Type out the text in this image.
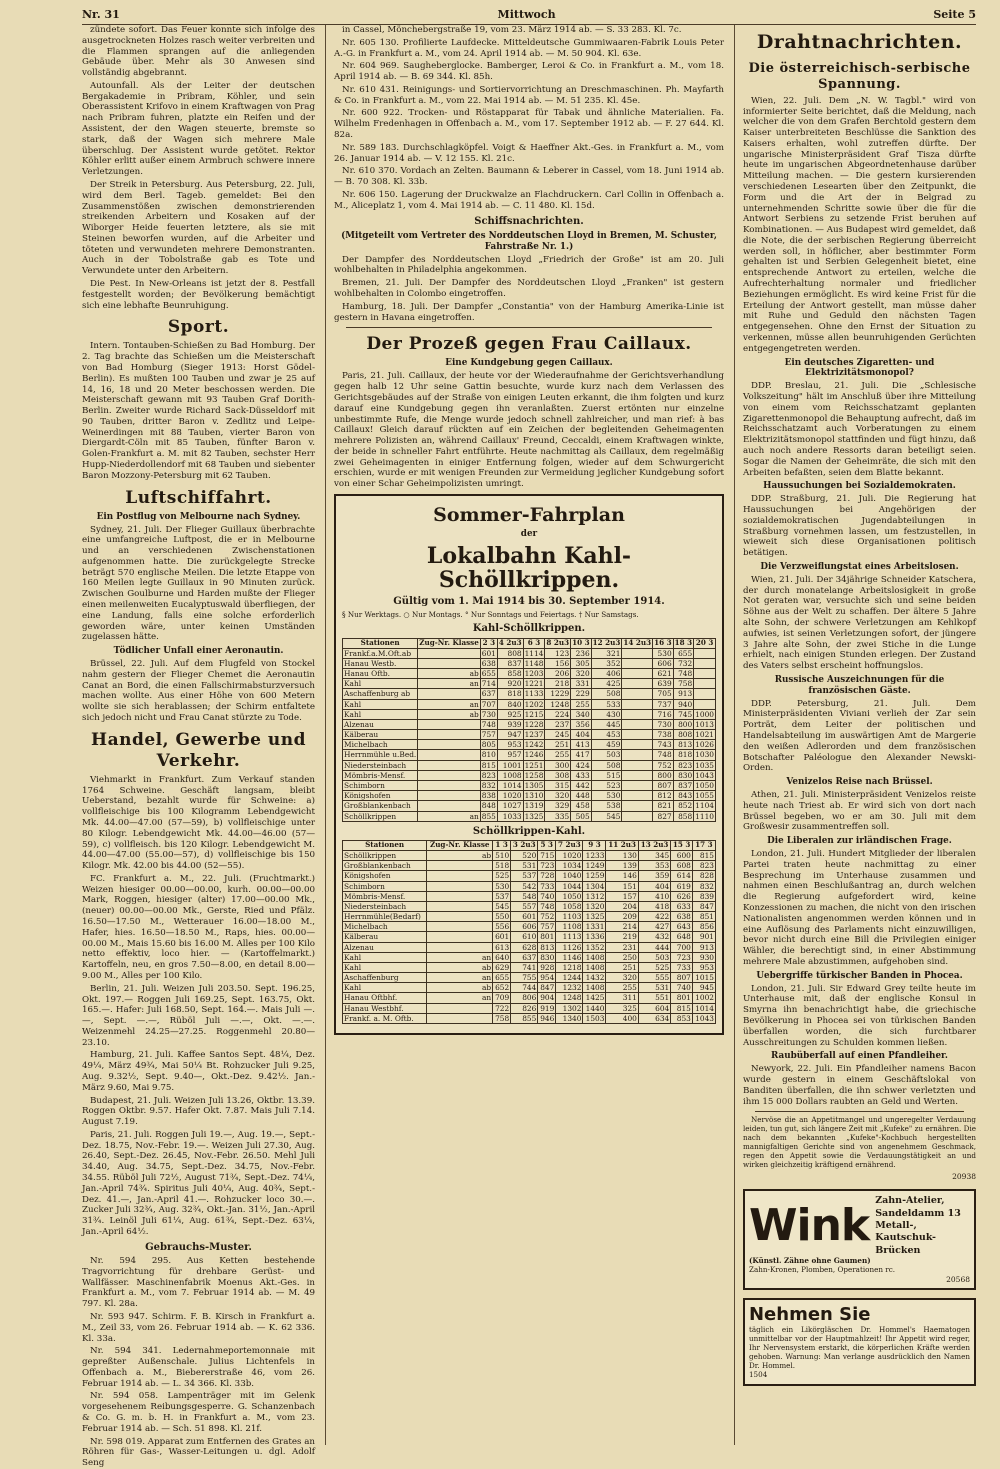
Nr. 31	Mittwoch	Seite 5

zündete sofort. Das Feuer konnte sich infolge des ausgetrockneten Holzes rasch weiter verbreiten und die Flammen sprangen auf die anliegenden Gebäude über. Mehr als 30 Anwesen sind vollständig abgebrannt.

Autounfall. Als der Leiter der deutschen Bergakademie in Pribram, Köhler, und sein Oberassistent Krifovo in einem Kraftwagen von Prag nach Pribram fuhren, platzte ein Reifen und der Assistent, der den Wagen steuerte, bremste so stark, daß der Wagen sich mehrere Male überschlug. Der Assistent wurde getötet. Rektor Köhler erlitt außer einem Armbruch schwere innere Verletzungen.

Der Streik in Petersburg. Aus Petersburg, 22. Juli, wird dem Berl. Tageb. gemeldet: Bei den Zusammenstößen zwischen demonstrierenden streikenden Arbeitern und Kosaken auf der Wiborger Heide feuerten letztere, als sie mit Steinen beworfen wurden, auf die Arbeiter und töteten und verwundeten mehrere Demonstranten. Auch in der Tobolstraße gab es Tote und Verwundete unter den Arbeitern.

Die Pest. In New-Orleans ist jetzt der 8. Pestfall festgestellt worden; der Bevölkerung bemächtigt sich eine lebhafte Beunruhigung.

Sport.

Intern. Tontauben-Schießen zu Bad Homburg. Der 2. Tag brachte das Schießen um die Meisterschaft von Bad Homburg (Sieger 1913: Horst Gödel-Berlin). Es mußten 100 Tauben und zwar je 25 auf 14, 16, 18 und 20 Meter beschossen werden. Die Meisterschaft gewann mit 93 Tauben Graf Dorith-Berlin. Zweiter wurde Richard Sack-Düsseldorf mit 90 Tauben, dritter Baron v. Zedlitz und Leipe-Weinerdingen mit 88 Tauben, vierter Baron von Diergardt-Cöln mit 85 Tauben, fünfter Baron v. Golen-Frankfurt a. M. mit 82 Tauben, sechster Herr Hupp-Niederdollendorf mit 68 Tauben und siebenter Baron Mozzony-Petersburg mit 62 Tauben.

Luftschiffahrt.
Ein Postflug von Melbourne nach Sydney.

Sydney, 21. Juli. Der Flieger Guillaux überbrachte eine umfangreiche Luftpost, die er in Melbourne und an verschiedenen Zwischenstationen aufgenommen hatte. Die zurückgelegte Strecke beträgt 570 englische Meilen. Die letzte Etappe von 160 Meilen legte Guillaux in 90 Minuten zurück. Zwischen Goulburne und Harden mußte der Flieger einen meilenweiten Eucalyptuswald überfliegen, der eine Landung, falls eine solche erforderlich geworden wäre, unter keinen Umständen zugelassen hätte.

Tödlicher Unfall einer Aeronautin.

Brüssel, 22. Juli. Auf dem Flugfeld von Stockel nahm gestern der Flieger Chemet die Aeronautin Canat an Bord, die einen Fallschirmabsturzversuch machen wollte. Aus einer Höhe von 600 Metern wollte sie sich herablassen; der Schirm entfaltete sich jedoch nicht und Frau Canat stürzte zu Tode.

Handel, Gewerbe und Verkehr.

Viehmarkt in Frankfurt. Zum Verkauf standen 1764 Schweine. Geschäft langsam, bleibt Ueberstand, bezahlt wurde für Schweine: a) vollfleischige bis 100 Kilogramm Lebendgewicht Mk. 44.00—47.00 (57—59), b) vollfleischige unter 80 Kilogr. Lebendgewicht Mk. 44.00—46.00 (57—59), c) vollfleisch. bis 120 Kilogr. Lebendgewicht M. 44.00—47.00 (55.00—57), d) vollfleischige bis 150 Kilogr. Mk. 42.00 bis 44.00 (52—55).

FC. Frankfurt a. M., 22. Juli. (Fruchtmarkt.) Weizen hiesiger 00.00—00.00, kurh. 00.00—00.00 Mark, Roggen, hiesiger (alter) 17.00—00.00 Mk., (neuer) 00.00—00.00 Mk., Gerste, Ried und Pfälz. 16.50—17.50 M., Wetterauer 16.00—18.00 M., Hafer, hies. 16.50—18.50 M., Raps, hies. 00.00—00.00 M., Mais 15.60 bis 16.00 M. Alles per 100 Kilo netto effektiv, loco hier. — (Kartoffelmarkt.) Kartoffeln, neu, en gros 7.50—8.00, en detail 8.00—9.00 M., Alles per 100 Kilo.

Berlin, 21. Juli. Weizen Juli 203.50. Sept. 196.25, Okt. 197.— Roggen Juli 169.25, Sept. 163.75, Okt. 165.—. Hafer: Juli 168.50, Sept. 164.—. Mais Juli —.—, Sept. —.—, Rüböl Juli —.—, Okt. —.—. Weizenmehl 24.25—27.25. Roggenmehl 20.80—23.10.

Hamburg, 21. Juli. Kaffee Santos Sept. 48¼, Dez. 49¼, März 49¾, Mai 50¼ Bt. Rohzucker Juli 9.25, Aug. 9.32½, Sept. 9.40—, Okt.-Dez. 9.42½. Jan.-März 9.60, Mai 9.75.

Budapest, 21. Juli. Weizen Juli 13.26, Oktbr. 13.39. Roggen Oktbr. 9.57. Hafer Okt. 7.87. Mais Juli 7.14. August 7.19.

Paris, 21. Juli. Roggen Juli 19.—, Aug. 19.—, Sept.-Dez. 18.75, Nov.-Febr. 19.—. Weizen Juli 27.30, Aug. 26.40, Sept.-Dez. 26.45, Nov.-Febr. 26.50. Mehl Juli 34.40, Aug. 34.75, Sept.-Dez. 34.75, Nov.-Febr. 34.55. Rüböl Juli 72½, August 71¾, Sept.-Dez. 74¼, Jan.-April 74¾. Spiritus Juli 40¼, Aug. 40¾, Sept.-Dez. 41.—, Jan.-April 41.—. Rohzucker loco 30.—. Zucker Juli 32¾, Aug. 32¾, Okt.-Jan. 31½, Jan.-April 31¾. Leinöl Juli 61¼, Aug. 61¾, Sept.-Dez. 63¼, Jan.-April 64½.

Gebrauchs-Muster.

Nr. 594 295. Aus Ketten bestehende Tragvorrichtung für drehbare Gerüst- und Wallfässer. Maschinenfabrik Moenus Akt.-Ges. in Frankfurt a. M., vom 7. Februar 1914 ab. — M. 49 797. Kl. 28a.

Nr. 593 947. Schirm. F. B. Kirsch in Frankfurt a. M., Zeil 33, vom 26. Februar 1914 ab. — K. 62 336. Kl. 33a.

Nr. 594 341. Ledernahmeportemonnaie mit gepreßter Außenschale. Julius Lichtenfels in Offenbach a. M., Biebererstraße 46, vom 26. Februar 1914 ab. — L. 34 366. Kl. 33b.

Nr. 594 058. Lampenträger mit im Gelenk vorgesehenem Reibungsgesperre. G. Schanzenbach & Co. G. m. b. H. in Frankfurt a. M., vom 23. Februar 1914 ab. — Sch. 51 898. Kl. 21f.

Nr. 598 019. Apparat zum Entfernen des Grates an Röhren für Gas-, Wasser-Leitungen u. dgl. Adolf Seng

in Cassel, Mönchebergstraße 19, vom 23. März 1914 ab. — S. 33 283. Kl. 7c.

Nr. 605 130. Profilierte Laufdecke. Mitteldeutsche Gummiwaaren-Fabrik Louis Peter A.-G. in Frankfurt a. M., vom 24. April 1914 ab. — M. 50 904. Kl. 63e.

Nr. 604 969. Saugheberglocke. Bamberger, Leroi & Co. in Frankfurt a. M., vom 18. April 1914 ab. — B. 69 344. Kl. 85h.

Nr. 610 431. Reinigungs- und Sortiervorrichtung an Dreschmaschinen. Ph. Mayfarth & Co. in Frankfurt a. M., vom 22. Mai 1914 ab. — M. 51 235. Kl. 45e.

Nr. 600 922. Trocken- und Röstapparat für Tabak und ähnliche Materialien. Fa. Wilhelm Fredenhagen in Offenbach a. M., vom 17. September 1912 ab. — F. 27 644. Kl. 82a.

Nr. 589 183. Durchschlagköpfel. Voigt & Haeffner Akt.-Ges. in Frankfurt a. M., vom 26. Januar 1914 ab. — V. 12 155. Kl. 21c.

Nr. 610 370. Vordach an Zelten. Baumann & Leberer in Cassel, vom 18. Juni 1914 ab. — B. 70 308. Kl. 33b.

Nr. 606 150. Lagerung der Druckwalze an Flachdruckern. Carl Collin in Offenbach a. M., Aliceplatz 1, vom 4. Mai 1914 ab. — C. 11 480. Kl. 15d.

Schiffsnachrichten.
(Mitgeteilt vom Vertreter des Norddeutschen Lloyd in Bremen, M. Schuster, Fahrstraße Nr. 1.)

Der Dampfer des Norddeutschen Lloyd „Friedrich der Große" ist am 20. Juli wohlbehalten in Philadelphia angekommen.

Bremen, 21. Juli. Der Dampfer des Norddeutschen Lloyd „Franken" ist gestern wohlbehalten in Colombo eingetroffen.

Hamburg, 18. Juli. Der Dampfer „Constantia" von der Hamburg Amerika-Linie ist gestern in Havana eingetroffen.

Der Prozeß gegen Frau Caillaux.
Eine Kundgebung gegen Caillaux.

Paris, 21. Juli. Caillaux, der heute vor der Wiederaufnahme der Gerichtsverhandlung gegen halb 12 Uhr seine Gattin besuchte, wurde kurz nach dem Verlassen des Gerichtsgebäudes auf der Straße von einigen Leuten erkannt, die ihm folgten und kurz darauf eine Kundgebung gegen ihn veranlaßten. Zuerst ertönten nur einzelne unbestimmte Rufe, die Menge wurde jedoch schnell zahlreicher, und man rief: à bas Caillaux! Gleich darauf rückten auf ein Zeichen der begleitenden Geheimagenten mehrere Polizisten an, während Caillaux' Freund, Ceccaldi, einem Kraftwagen winkte, der beide in schneller Fahrt entführte. Heute nachmittag als Caillaux, dem regelmäßig zwei Geheimagenten in einiger Entfernung folgen, wieder auf dem Schwurgericht erschien, wurde er mit wenigen Freunden zur Vermeidung jeglicher Kundgebung sofort von einer Schar Geheimpolizisten umringt.

Sommer-Fahrplan
der
Lokalbahn Kahl-Schöllkrippen.
Gültig vom 1. Mai 1914 bis 30. September 1914.
§ Nur Werktags. ○ Nur Montags. ° Nur Sonntags und Feiertags. † Nur Samstags.
Kahl-Schöllkrippen.
Stationen	Zug-Nr. Klasse	2 3	4 2u3	6 3	8 2u3	10 3	12 2u3	14 2u3	16 3	18 3	20 3
Frankf.a.M.Oft.ab		601	808	1114	123	236	321		530	655	
Hanau Westb.		638	837	1148	156	305	352		606	732	
Hanau Oftb.	ab	655	858	1203	206	320	406		621	748	
Kahl	an	714	920	1221	218	331	425		639	758	
Aschaffenburg ab		637	818	1133	1229	229	508		705	913	
Kahl	an	707	840	1202	1248	255	533		737	940	
Kahl	ab	730	925	1215	224	340	430		716	745	1000
Alzenau		748	939	1228	237	356	445		730	800	1013
Kälberau		757	947	1237	245	404	453		738	808	1021
Michelbach		805	953	1242	251	413	459		743	813	1026
Herrnmühle u.Bed.		810	957	1246	255	417	503		748	818	1030
Niedersteinbach		815	1001	1251	300	424	508		752	823	1035
Mömbris-Mensf.		823	1008	1258	308	433	515		800	830	1043
Schimborn		832	1014	1305	315	442	523		807	837	1050
Königshofen		838	1020	1310	320	448	530		812	843	1055
Großblankenbach		848	1027	1319	329	458	538		821	852	1104
Schöllkrippen	an	855	1033	1325	335	505	545		827	858	1110
Schöllkrippen-Kahl.
Stationen	Zug-Nr. Klasse	1 3	3 2u3	5 3	7 2u3	9 3	11 2u3	13 2u3	15 3	17 3
Schöllkrippen	ab	510	520	715	1020	1233	130	345	600	815
Großblankenbach		518	531	723	1034	1249	139	353	608	823
Königshofen		525	537	728	1040	1259	146	359	614	828
Schimborn		530	542	733	1044	1304	151	404	619	832
Mömbris-Mensf.		537	548	740	1050	1312	157	410	626	839
Niedersteinbach		545	557	748	1058	1320	204	418	633	847
Herrnmühle(Bedarf)		550	601	752	1103	1325	209	422	638	851
Michelbach		556	606	757	1108	1331	214	427	643	856
Kälberau		601	610	801	1113	1336	219	432	648	901
Alzenau		613	628	813	1126	1352	231	444	700	913
Kahl	an	640	637	830	1146	1408	250	503	723	930
Kahl	ab	629	741	928	1218	1408	251	525	733	953
Aschaffenburg	an	655	755	954	1244	1432	320	555	807	1015
Kahl	ab	652	744	847	1232	1408	255	531	740	945
Hanau Oftbhf.	an	709	806	904	1248	1425	311	551	801	1002
Hanau Westbhf.		722	826	919	1302	1440	325	604	815	1014
Frankf. a. M. Oftb.		758	855	946	1340	1503	400	634	853	1043
Drahtnachrichten.
Die österreichisch-serbische Spannung.

Wien, 22. Juli. Dem „N. W. Tagbl." wird von informierter Seite berichtet, daß die Meldung, nach welcher die von dem Grafen Berchtold gestern dem Kaiser unterbreiteten Beschlüsse die Sanktion des Kaisers erhalten, wohl zutreffen dürfte. Der ungarische Ministerpräsident Graf Tisza dürfte heute im ungarischen Abgeordnetenhause darüber Mitteilung machen. — Die gestern kursierenden verschiedenen Lesearten über den Zeitpunkt, die Form und die Art der in Belgrad zu unternehmenden Schritte sowie über die für die Antwort Serbiens zu setzende Frist beruhen auf Kombinationen. — Aus Budapest wird gemeldet, daß die Note, die der serbischen Regierung überreicht werden soll, in höflicher, aber bestimmter Form gehalten ist und Serbien Gelegenheit bietet, eine entsprechende Antwort zu erteilen, welche die Aufrechterhaltung normaler und friedlicher Beziehungen ermöglicht. Es wird keine Frist für die Erteilung der Antwort gestellt, man müsse daher mit Ruhe und Geduld den nächsten Tagen entgegensehen. Ohne den Ernst der Situation zu verkennen, müsse allen beunruhigenden Gerüchten entgegengetreten werden.

Ein deutsches Zigaretten- und Elektrizitätsmonopol?

DDP. Breslau, 21. Juli. Die „Schlesische Volkszeitung" hält im Anschluß über ihre Mitteilung von einem vom Reichsschatzamt geplanten Zigarettenmonopol die Behauptung aufrecht, daß im Reichsschatzamt auch Vorberatungen zu einem Elektrizitätsmonopol stattfinden und fügt hinzu, daß auch noch andere Ressorts daran beteiligt seien. Sogar die Namen der Geheimräte, die sich mit den Arbeiten befaßten, seien dem Blatte bekannt.

Haussuchungen bei Sozialdemokraten.

DDP. Straßburg, 21. Juli. Die Regierung hat Haussuchungen bei Angehörigen der sozialdemokratischen Jugendabteilungen in Straßburg vornehmen lassen, um festzustellen, in wieweit sich diese Organisationen politisch betätigen.

Die Verzweiflungstat eines Arbeitslosen.

Wien, 21. Juli. Der 34jährige Schneider Katschera, der durch monatelange Arbeitslosigkeit in große Not geraten war, versuchte sich und seine beiden Söhne aus der Welt zu schaffen. Der ältere 5 Jahre alte Sohn, der schwere Verletzungen am Kehlkopf aufwies, ist seinen Verletzungen sofort, der jüngere 3 Jahre alte Sohn, der zwei Stiche in die Lunge erhielt, nach einigen Stunden erlegen. Der Zustand des Vaters selbst erscheint hoffnungslos.

Russische Auszeichnungen für die französischen Gäste.

DDP. Petersburg, 21. Juli. Dem Ministerpräsidenten Viviani verlieh der Zar sein Porträt, dem Leiter der politischen und Handelsabteilung im auswärtigen Amt de Margerie den weißen Adlerorden und dem französischen Botschafter Paléologue den Alexander Newski-Orden.

Venizelos Reise nach Brüssel.

Athen, 21. Juli. Ministerpräsident Venizelos reiste heute nach Triest ab. Er wird sich von dort nach Brüssel begeben, wo er am 30. Juli mit dem Großwesir zusammentreffen soll.

Die Liberalen zur irländischen Frage.

London, 21. Juli. Hundert Mitglieder der liberalen Partei traten heute nachmittag zu einer Besprechung im Unterhause zusammen und nahmen einen Beschlußantrag an, durch welchen die Regierung aufgefordert wird, keine Konzessionen zu machen, die nicht von den irischen Nationalisten angenommen werden können und in eine Auflösung des Parlaments nicht einzuwilligen, bevor nicht durch eine Bill die Privilegien einiger Wähler, die berechtigt sind, in einer Abstimmung mehrere Male abzustimmen, aufgehoben sind.

Uebergriffe türkischer Banden in Phocea.

London, 21. Juli. Sir Edward Grey teilte heute im Unterhause mit, daß der englische Konsul in Smyrna ihn benachrichtigt habe, die griechische Bevölkerung in Phocea sei von türkischen Banden überfallen worden, die sich furchtbarer Ausschreitungen zu Schulden kommen ließen.

Raubüberfall auf einen Pfandleiher.

Newyork, 22. Juli. Ein Pfandleiher namens Bacon wurde gestern in einem Geschäftslokal von Banditen überfallen, die ihn schwer verletzten und ihm 15 000 Dollars raubten an Geld und Werten.

Nervöse die an Appetitmangel und ungeregelter Verdauung leiden, tun gut, sich längere Zeit mit „Kufeke" zu ernähren. Die nach dem bekannten „Kufeke"-Kochbuch hergestellten mannigfaltigen Gerichte sind von angenehmem Geschmack, regen den Appetit sowie die Verdauungstätigkeit an und wirken gleichzeitig kräftigend ernährend.

20938
Wink Zahn-Atelier, Sandeldamm 13
Metall-, Kautschuk-Brücken
(Künstl. Zähne ohne Gaumen)
Zahn-Kronen, Plomben, Operationen rc.
20568
Nehmen Sie
täglich ein Likörgläschen Dr. Hommel's Haematogen unmittelbar vor der Hauptmahlzeit! Ihr Appetit wird reger, Ihr Nervensystem erstarkt, die körperlichen Kräfte werden gehoben. Warnung: Man verlange ausdrücklich den Namen Dr. Hommel.
1504
